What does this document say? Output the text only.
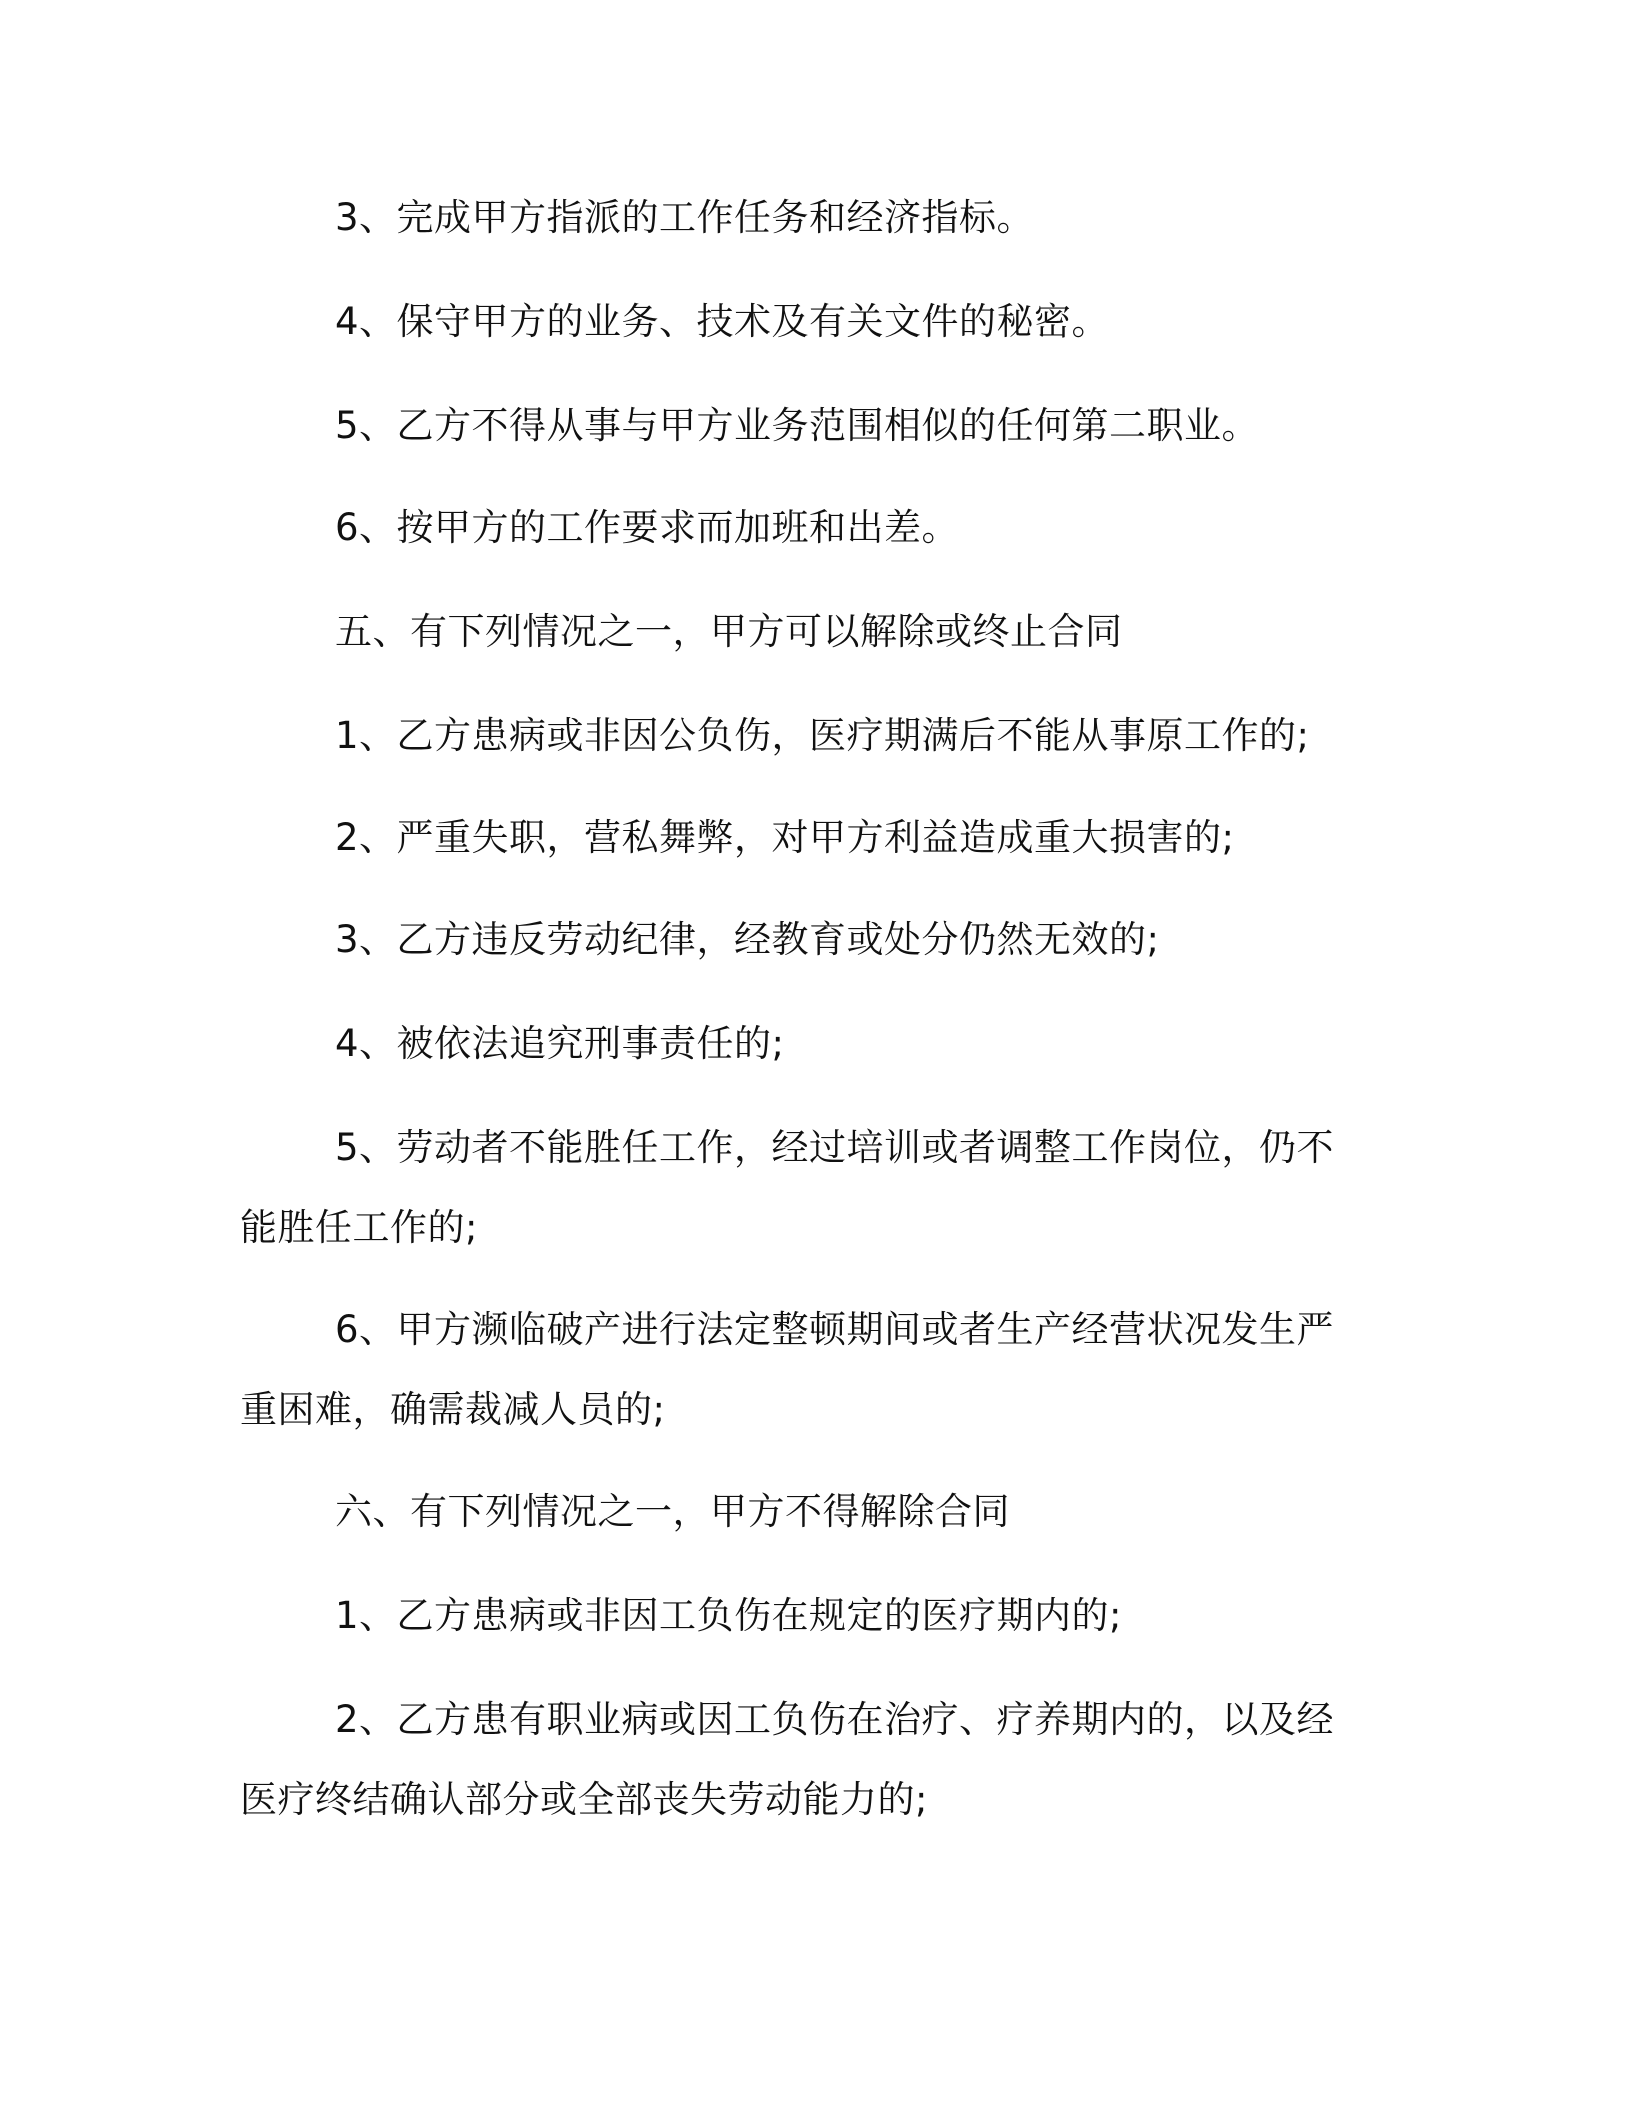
3、完成甲方指派的工作任务和经济指标。

4、保守甲方的业务、技术及有关文件的秘密。

5、乙方不得从事与甲方业务范围相似的任何第二职业。

6、按甲方的工作要求而加班和出差。

五、有下列情况之一，甲方可以解除或终止合同

1、乙方患病或非因公负伤，医疗期满后不能从事原工作的;

2、严重失职，营私舞弊，对甲方利益造成重大损害的;

3、乙方违反劳动纪律，经教育或处分仍然无效的;

4、被依法追究刑事责任的;

5、劳动者不能胜任工作，经过培训或者调整工作岗位，仍不能胜任工作的;

6、甲方濒临破产进行法定整顿期间或者生产经营状况发生严重困难，确需裁减人员的;

六、有下列情况之一，甲方不得解除合同

1、乙方患病或非因工负伤在规定的医疗期内的;

2、乙方患有职业病或因工负伤在治疗、疗养期内的，以及经医疗终结确认部分或全部丧失劳动能力的;
